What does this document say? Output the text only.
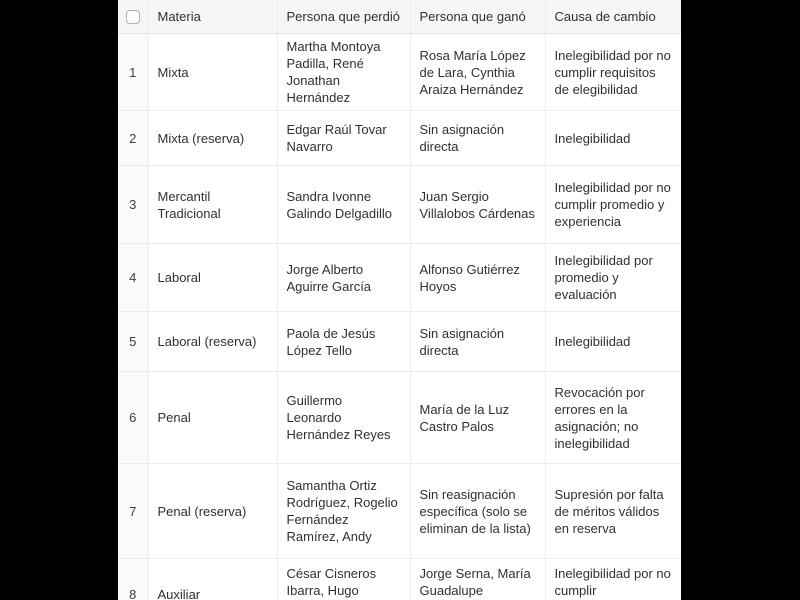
	Materia	Persona que perdió	Persona que ganó	Causa de cambio
1	Mixta	Martha Montoya Padilla, René Jonathan Hernández	Rosa María López de Lara, Cynthia Araiza Hernández	Inelegibilidad por no cumplir requisitos de elegibilidad
2	Mixta (reserva)	Edgar Raúl Tovar Navarro	Sin asignación directa	Inelegibilidad
3	Mercantil Tradicional	Sandra Ivonne Galindo Delgadillo	Juan Sergio Villalobos Cárdenas	Inelegibilidad por no cumplir promedio y experiencia
4	Laboral	Jorge Alberto Aguirre García	Alfonso Gutiérrez Hoyos	Inelegibilidad por promedio y evaluación
5	Laboral (reserva)	Paola de Jesús López Tello	Sin asignación directa	Inelegibilidad
6	Penal	Guillermo Leonardo Hernández Reyes	María de la Luz Castro Palos	Revocación por errores en la asignación; no inelegibilidad
7	Penal (reserva)	Samantha Ortiz Rodríguez, Rogelio Fernández Ramírez, Andy	Sin reasignación específica (solo se eliminan de la lista)	Supresión por falta de méritos válidos en reserva
8	Auxiliar	César Cisneros Ibarra, Hugo	Jorge Serna, María Guadalupe	Inelegibilidad por no cumplir
